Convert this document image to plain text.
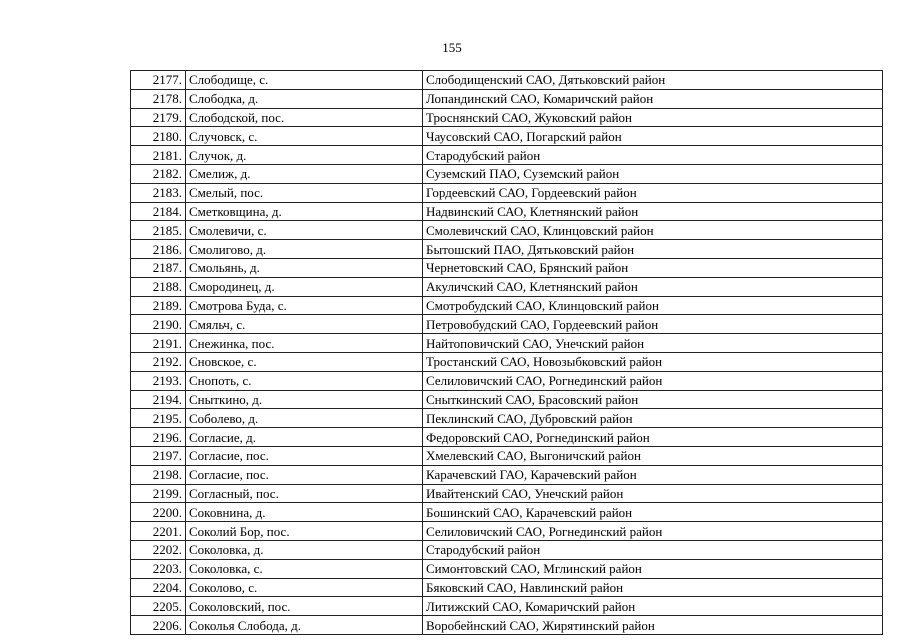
155
2177.	Слободище, с.	Слободищенский САО, Дятьковский район
2178.	Слободка, д.	Лопандинский САО, Комаричский район
2179.	Слободской, пос.	Троснянский САО, Жуковский район
2180.	Случовск, с.	Чаусовский САО, Погарский район
2181.	Случок, д.	Стародубский район
2182.	Смелиж, д.	Суземский ПАО, Суземский район
2183.	Смелый, пос.	Гордеевский САО, Гордеевский район
2184.	Сметковщина, д.	Надвинский САО, Клетнянский район
2185.	Смолевичи, с.	Смолевичский САО, Клинцовский район
2186.	Смолигово, д.	Бытошский ПАО, Дятьковский район
2187.	Смольянь, д.	Чернетовский САО, Брянский район
2188.	Смородинец, д.	Акуличский САО, Клетнянский район
2189.	Смотрова Буда, с.	Смотробудский САО, Клинцовский район
2190.	Смяльч, с.	Петровобудский САО, Гордеевский район
2191.	Снежинка, пос.	Найтоповичский САО, Унечский район
2192.	Сновское, с.	Тростанский САО, Новозыбковский район
2193.	Снопоть, с.	Селиловичский САО, Рогнединский район
2194.	Сныткино, д.	Сныткинский САО, Брасовский район
2195.	Соболево, д.	Пеклинский САО, Дубровский район
2196.	Согласие, д.	Федоровский САО, Рогнединский район
2197.	Согласие, пос.	Хмелевский САО, Выгоничский район
2198.	Согласие, пос.	Карачевский ГАО, Карачевский район
2199.	Согласный, пос.	Ивайтенский САО, Унечский район
2200.	Соковнина, д.	Бошинский САО, Карачевский район
2201.	Соколий Бор, пос.	Селиловичский САО, Рогнединский район
2202.	Соколовка, д.	Стародубский район
2203.	Соколовка, с.	Симонтовский САО, Мглинский район
2204.	Соколово, с.	Бяковский САО, Навлинский район
2205.	Соколовский, пос.	Литижский САО, Комаричский район
2206.	Соколья Слобода, д.	Воробейнский САО, Жирятинский район
